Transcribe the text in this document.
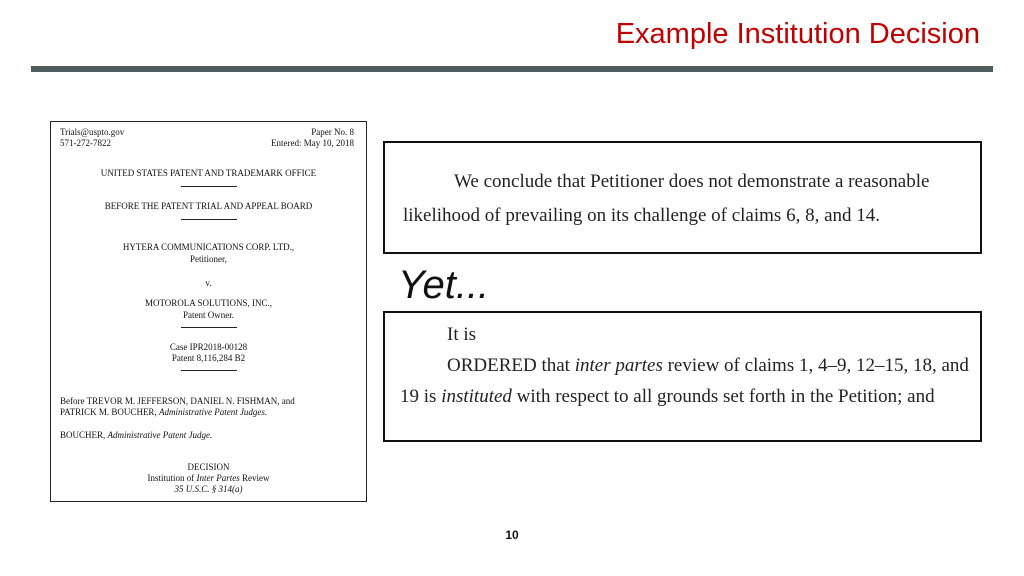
Example Institution Decision
Trials@uspto.gov
571-272-7822
Paper No. 8
Entered: May 10, 2018
UNITED STATES PATENT AND TRADEMARK OFFICE
BEFORE THE PATENT TRIAL AND APPEAL BOARD
HYTERA COMMUNICATIONS CORP. LTD.,
Petitioner,
v.
MOTOROLA SOLUTIONS, INC.,
Patent Owner.
Case IPR2018-00128
Patent 8,116,284 B2
Before TREVOR M. JEFFERSON, DANIEL N. FISHMAN, and
PATRICK M. BOUCHER, Administrative Patent Judges.
BOUCHER, Administrative Patent Judge.
DECISION
Institution of Inter Partes Review
35 U.S.C. § 314(a)
We conclude that Petitioner does not demonstrate a reasonable
likelihood of prevailing on its challenge of claims 6, 8, and 14.
Yet...
It is
ORDERED that inter partes review of claims 1, 4–9, 12–15, 18, and
19 is instituted with respect to all grounds set forth in the Petition; and
10
